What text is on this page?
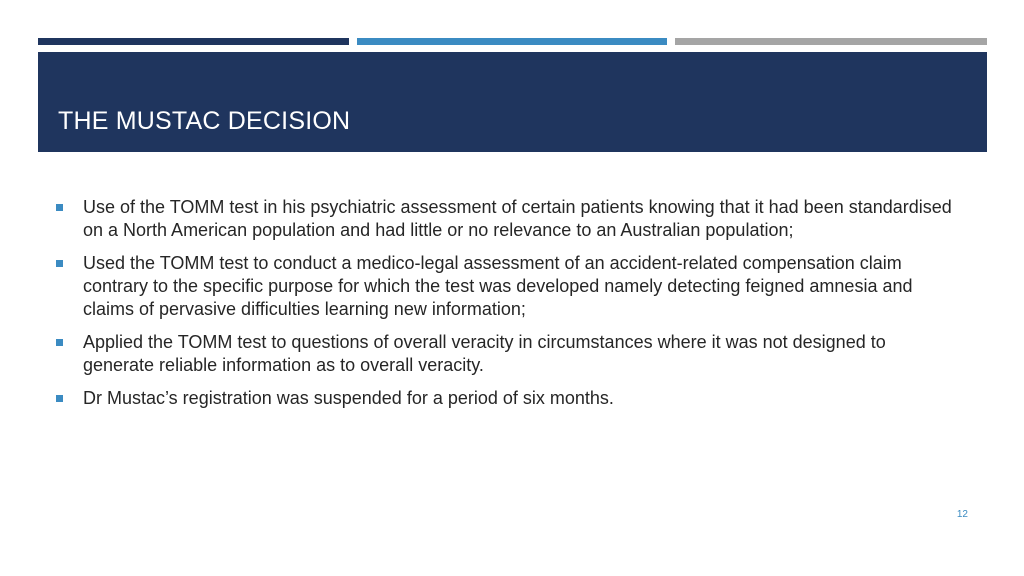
THE MUSTAC DECISION
Use of the TOMM test in his psychiatric assessment of certain patients knowing that it had been standardised on a North American population and had little or no relevance to an Australian population;
Used the TOMM test to conduct a medico-legal assessment of an accident-related compensation claim contrary to the specific purpose for which the test was developed namely detecting feigned amnesia and claims of pervasive difficulties learning new information;
Applied the TOMM test to questions of overall veracity in circumstances where it was not designed to generate reliable information as to overall veracity.
Dr Mustac’s registration was suspended for a period of six months.
12
